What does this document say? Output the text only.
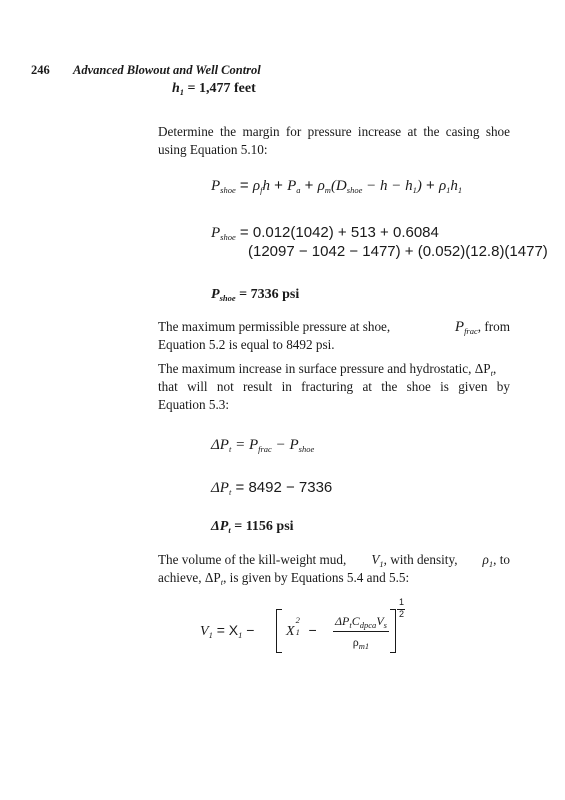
246 Advanced Blowout and Well Control
$h_1 = 1,477$ feet
Determine the margin for pressure increase at the casing shoe using Equation 5.10:
$P_{shoe} = \rho_fh + P_a + \rho_m(D_{shoe} - h - h_1) + \rho_1h_1$
$P_{shoe} = 0.012(1042) + 513 + 0.6084$
(12097 − 1042 − 1477) + (0.052)(12.8)(1477)
$P_{shoe} = 7336$ psi
The maximum permissible pressure at shoe,	$P_{frac}$, from
Equation 5.2 is equal to 8492 psi.
The maximum increase in surface pressure and hydrostatic, $\Delta P_t$,
that will not result in fracturing at the shoe is given by
Equation 5.3:
$\Delta P_t = P_{frac} - P_{shoe}$
$\Delta P_t = 8492 - 7336$
$\Delta P_t = 1156$ psi
The volume of the kill-weight mud, $V_1$, with density, $\rho_1$, to
achieve, $\Delta P_t$, is given by Equations 5.4 and 5.5:
$V_1 = X_1 - X$
2
1 −
$\Delta P_tC_{dpca}V_s$
$\rho_{m1}$
1
2
